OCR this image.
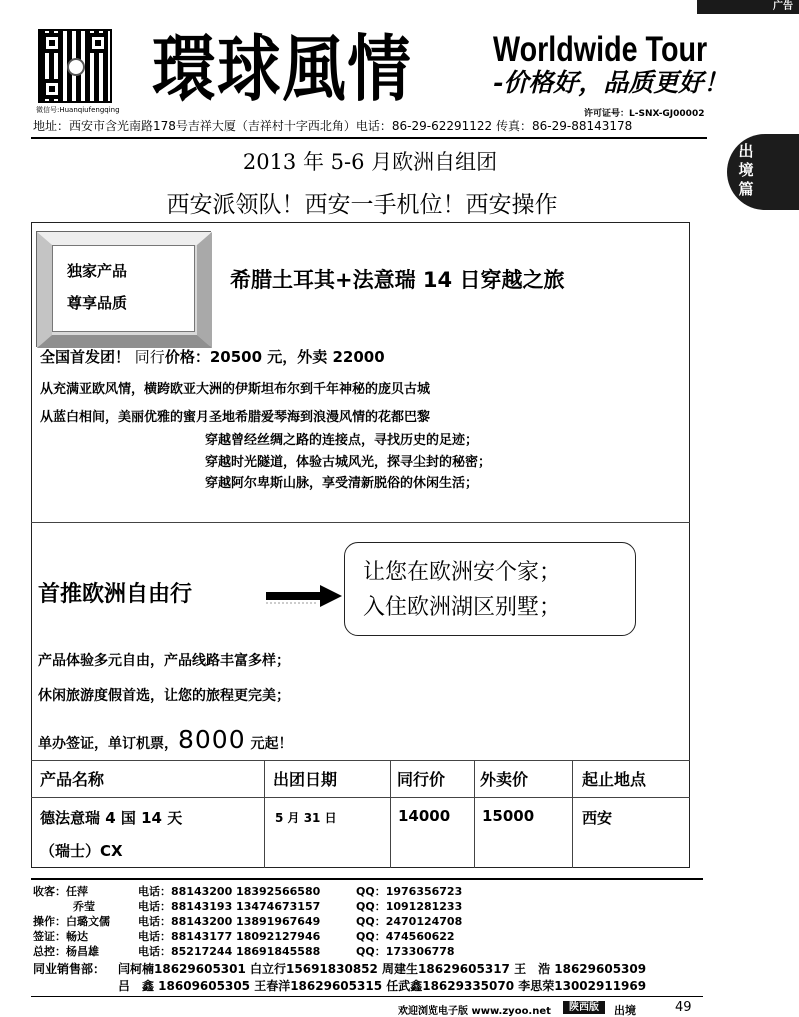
广告
出境篇
微信号:Huanqiufengqing 環球風情	Worldwide Tour
-价格好，品质更好！
许可证号：L-SNX-GJ00002
地址：西安市含光南路178号吉祥大厦（吉祥村十字西北角）电话：86-29-62291122 传真：86-29-88143178
2013 年 5-6 月欧洲自组团
西安派领队！西安一手机位！西安操作
独家产品
尊享品质
希腊土耳其+法意瑞 14 日穿越之旅
全国首发团！ 同行价格：20500 元，外卖 22000
从充满亚欧风情，横跨欧亚大洲的伊斯坦布尔到千年神秘的庞贝古城
从蓝白相间，美丽优雅的蜜月圣地希腊爱琴海到浪漫风情的花都巴黎
穿越曾经丝绸之路的连接点，寻找历史的足迹；
穿越时光隧道，体验古城风光，探寻尘封的秘密；
穿越阿尔卑斯山脉，享受清新脱俗的休闲生活；
首推欧洲自由行
让您在欧洲安个家；
入住欧洲湖区别墅；
产品体验多元自由，产品线路丰富多样；
休闲旅游度假首选，让您的旅程更完美；
单办签证，单订机票，8000 元起！
产品名称	出团日期	同行价 外卖价	起止地点
德法意瑞 4 国 14 天
（瑞士）CX
5 月 31 日	14000 15000	西安
收客：任萍	电话：88143200 18392566580	QQ：1976356723
乔莹	电话：88143193 13474673157	QQ：1091281233
操作：白璐文儒	电话：88143200 13891967649	QQ：2470124708
签证：畅达	电话：88143177 18092127946	QQ：474560622
总控：杨昌雄	电话：85217244 18691845588	QQ：173306778
同业销售部： 闫柯楠18629605301 白立行15691830852 周建生18629605317 王　浩 18629605309
吕　鑫 18609605305 王春洋18629605315 任武鑫18629335070 李思荣13002911969
欢迎浏览电子版 www.zyoo.net	陕西版	出境	49
